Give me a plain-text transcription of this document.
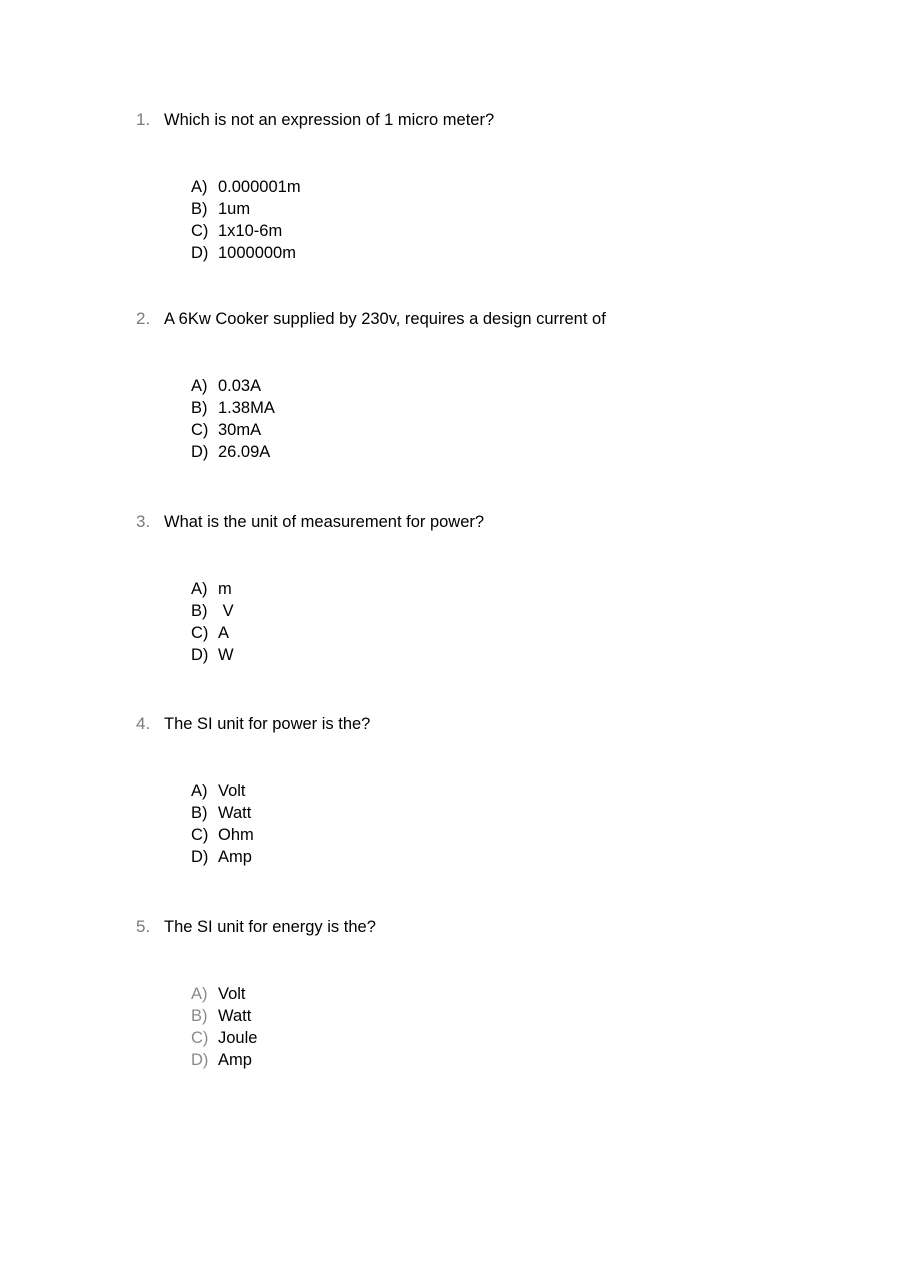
1. Which is not an expression of 1 micro meter?
A) 0.000001m
B) 1um
C) 1x10-6m
D) 1000000m
2. A 6Kw Cooker supplied by 230v, requires a design current of
A) 0.03A
B) 1.38MA
C) 30mA
D) 26.09A
3. What is the unit of measurement for power?
A) m
B) V
C) A
D) W
4. The SI unit for power is the?
A) Volt
B) Watt
C) Ohm
D) Amp
5. The SI unit for energy is the?
A) Volt
B) Watt
C) Joule
D) Amp
